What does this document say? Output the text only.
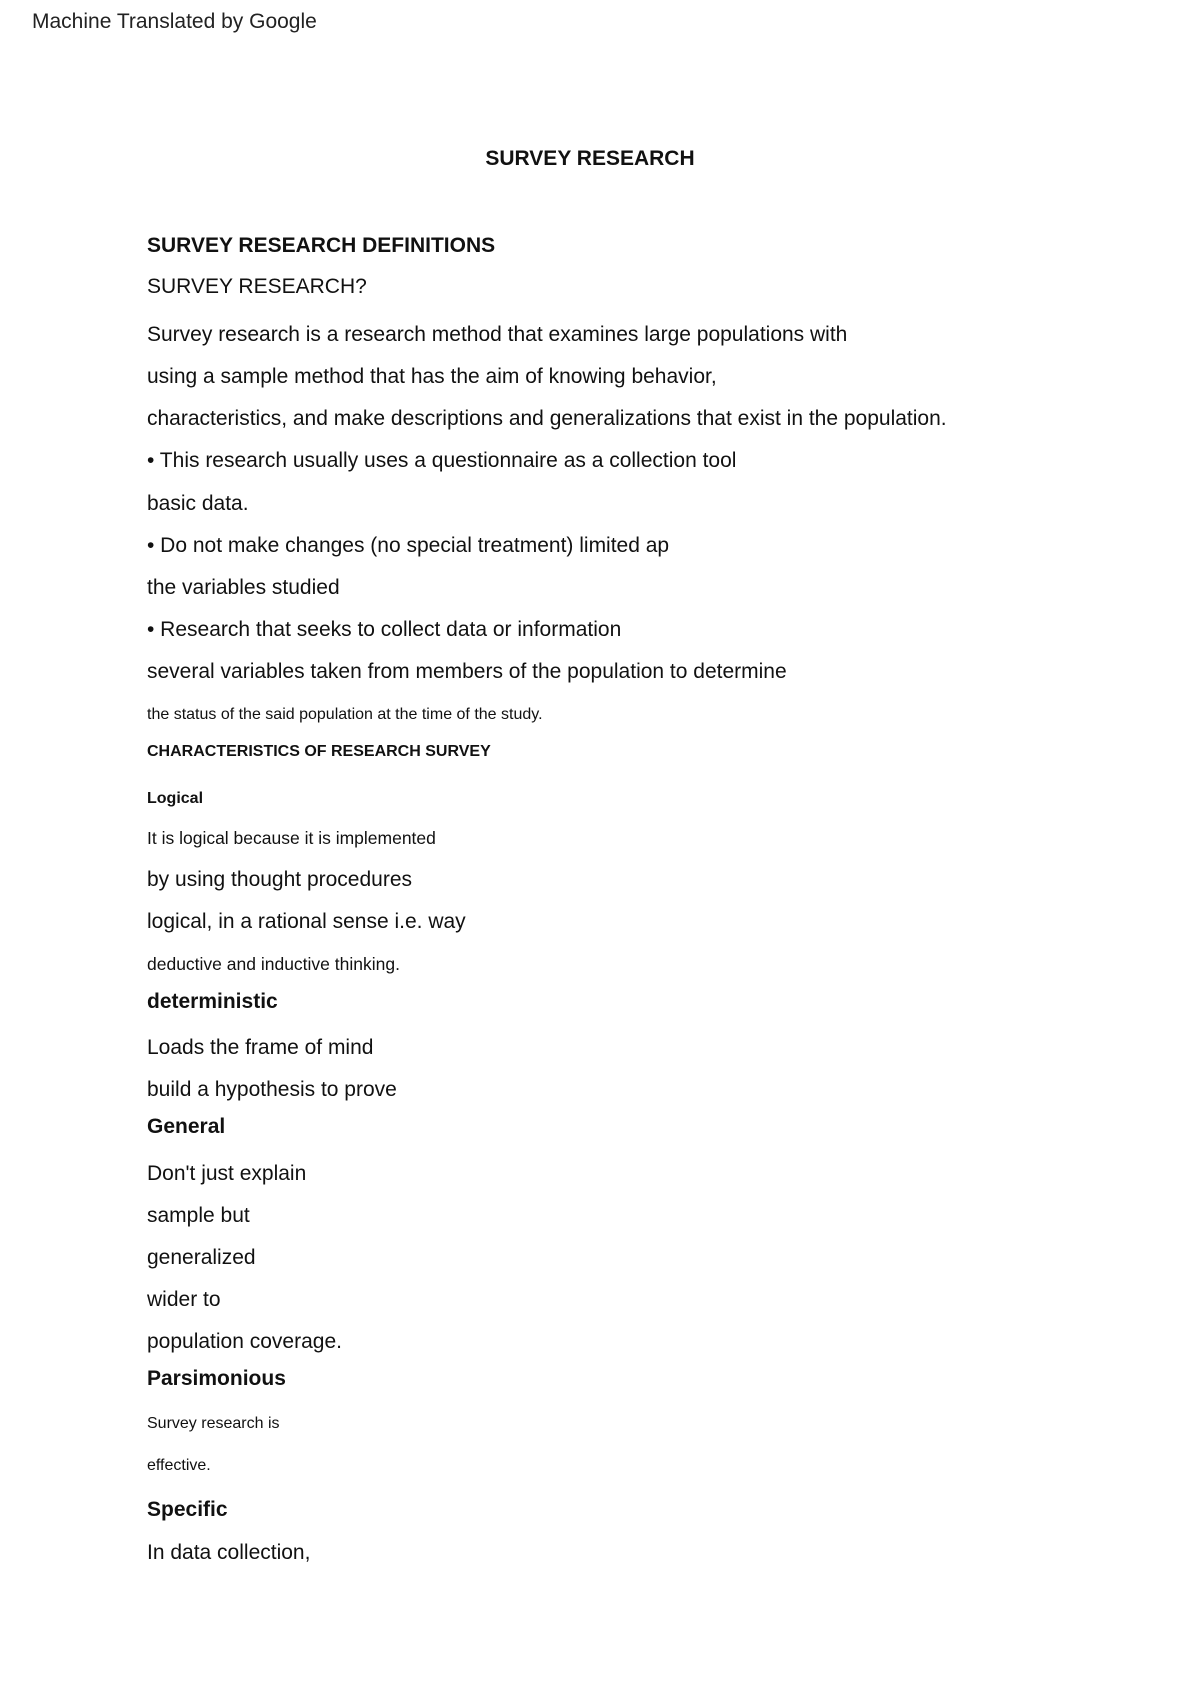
Machine Translated by Google
SURVEY RESEARCH
SURVEY RESEARCH DEFINITIONS
SURVEY RESEARCH?
Survey research is a research method that examines large populations with
using a sample method that has the aim of knowing behavior,
characteristics, and make descriptions and generalizations that exist in the population.
• This research usually uses a questionnaire as a collection tool
basic data.
• Do not make changes (no special treatment) limited ap
the variables studied
• Research that seeks to collect data or information
several variables taken from members of the population to determine
the status of the said population at the time of the study.
CHARACTERISTICS OF RESEARCH SURVEY
Logical
It is logical because it is implemented
by using thought procedures
logical, in a rational sense i.e. way
deductive and inductive thinking.
deterministic
Loads the frame of mind
build a hypothesis to prove
General
Don't just explain
sample but
generalized
wider to
population coverage.
Parsimonious
Survey research is
effective.
Specific
In data collection,
